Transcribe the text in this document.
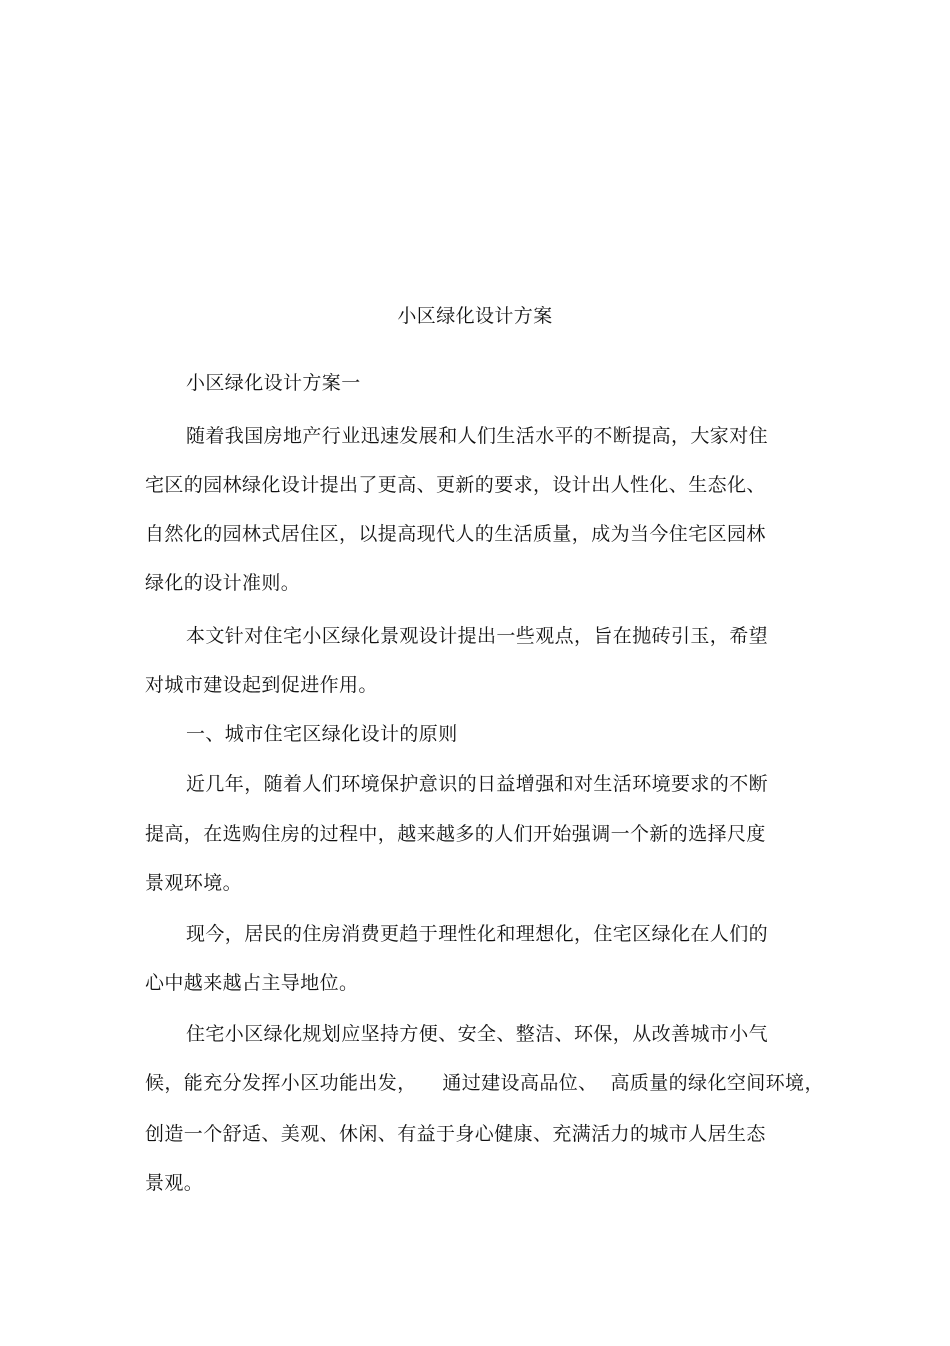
小区绿化设计方案
小区绿化设计方案一
随着我国房地产行业迅速发展和人们生活水平的不断提高，大家对住
宅区的园林绿化设计提出了更高、更新的要求，设计出人性化、生态化、
自然化的园林式居住区，以提高现代人的生活质量，成为当今住宅区园林
绿化的设计准则。
本文针对住宅小区绿化景观设计提出一些观点，旨在抛砖引玉，希望
对城市建设起到促进作用。
一、城市住宅区绿化设计的原则
近几年，随着人们环境保护意识的日益增强和对生活环境要求的不断
提高，在选购住房的过程中，越来越多的人们开始强调一个新的选择尺度
景观环境。
现今，居民的住房消费更趋于理性化和理想化，住宅区绿化在人们的
心中越来越占主导地位。
住宅小区绿化规划应坚持方便、安全、整洁、环保，从改善城市小气
候，能充分发挥小区功能出发，    通过建设高品位、  高质量的绿化空间环境，
创造一个舒适、美观、休闲、有益于身心健康、充满活力的城市人居生态
景观。
